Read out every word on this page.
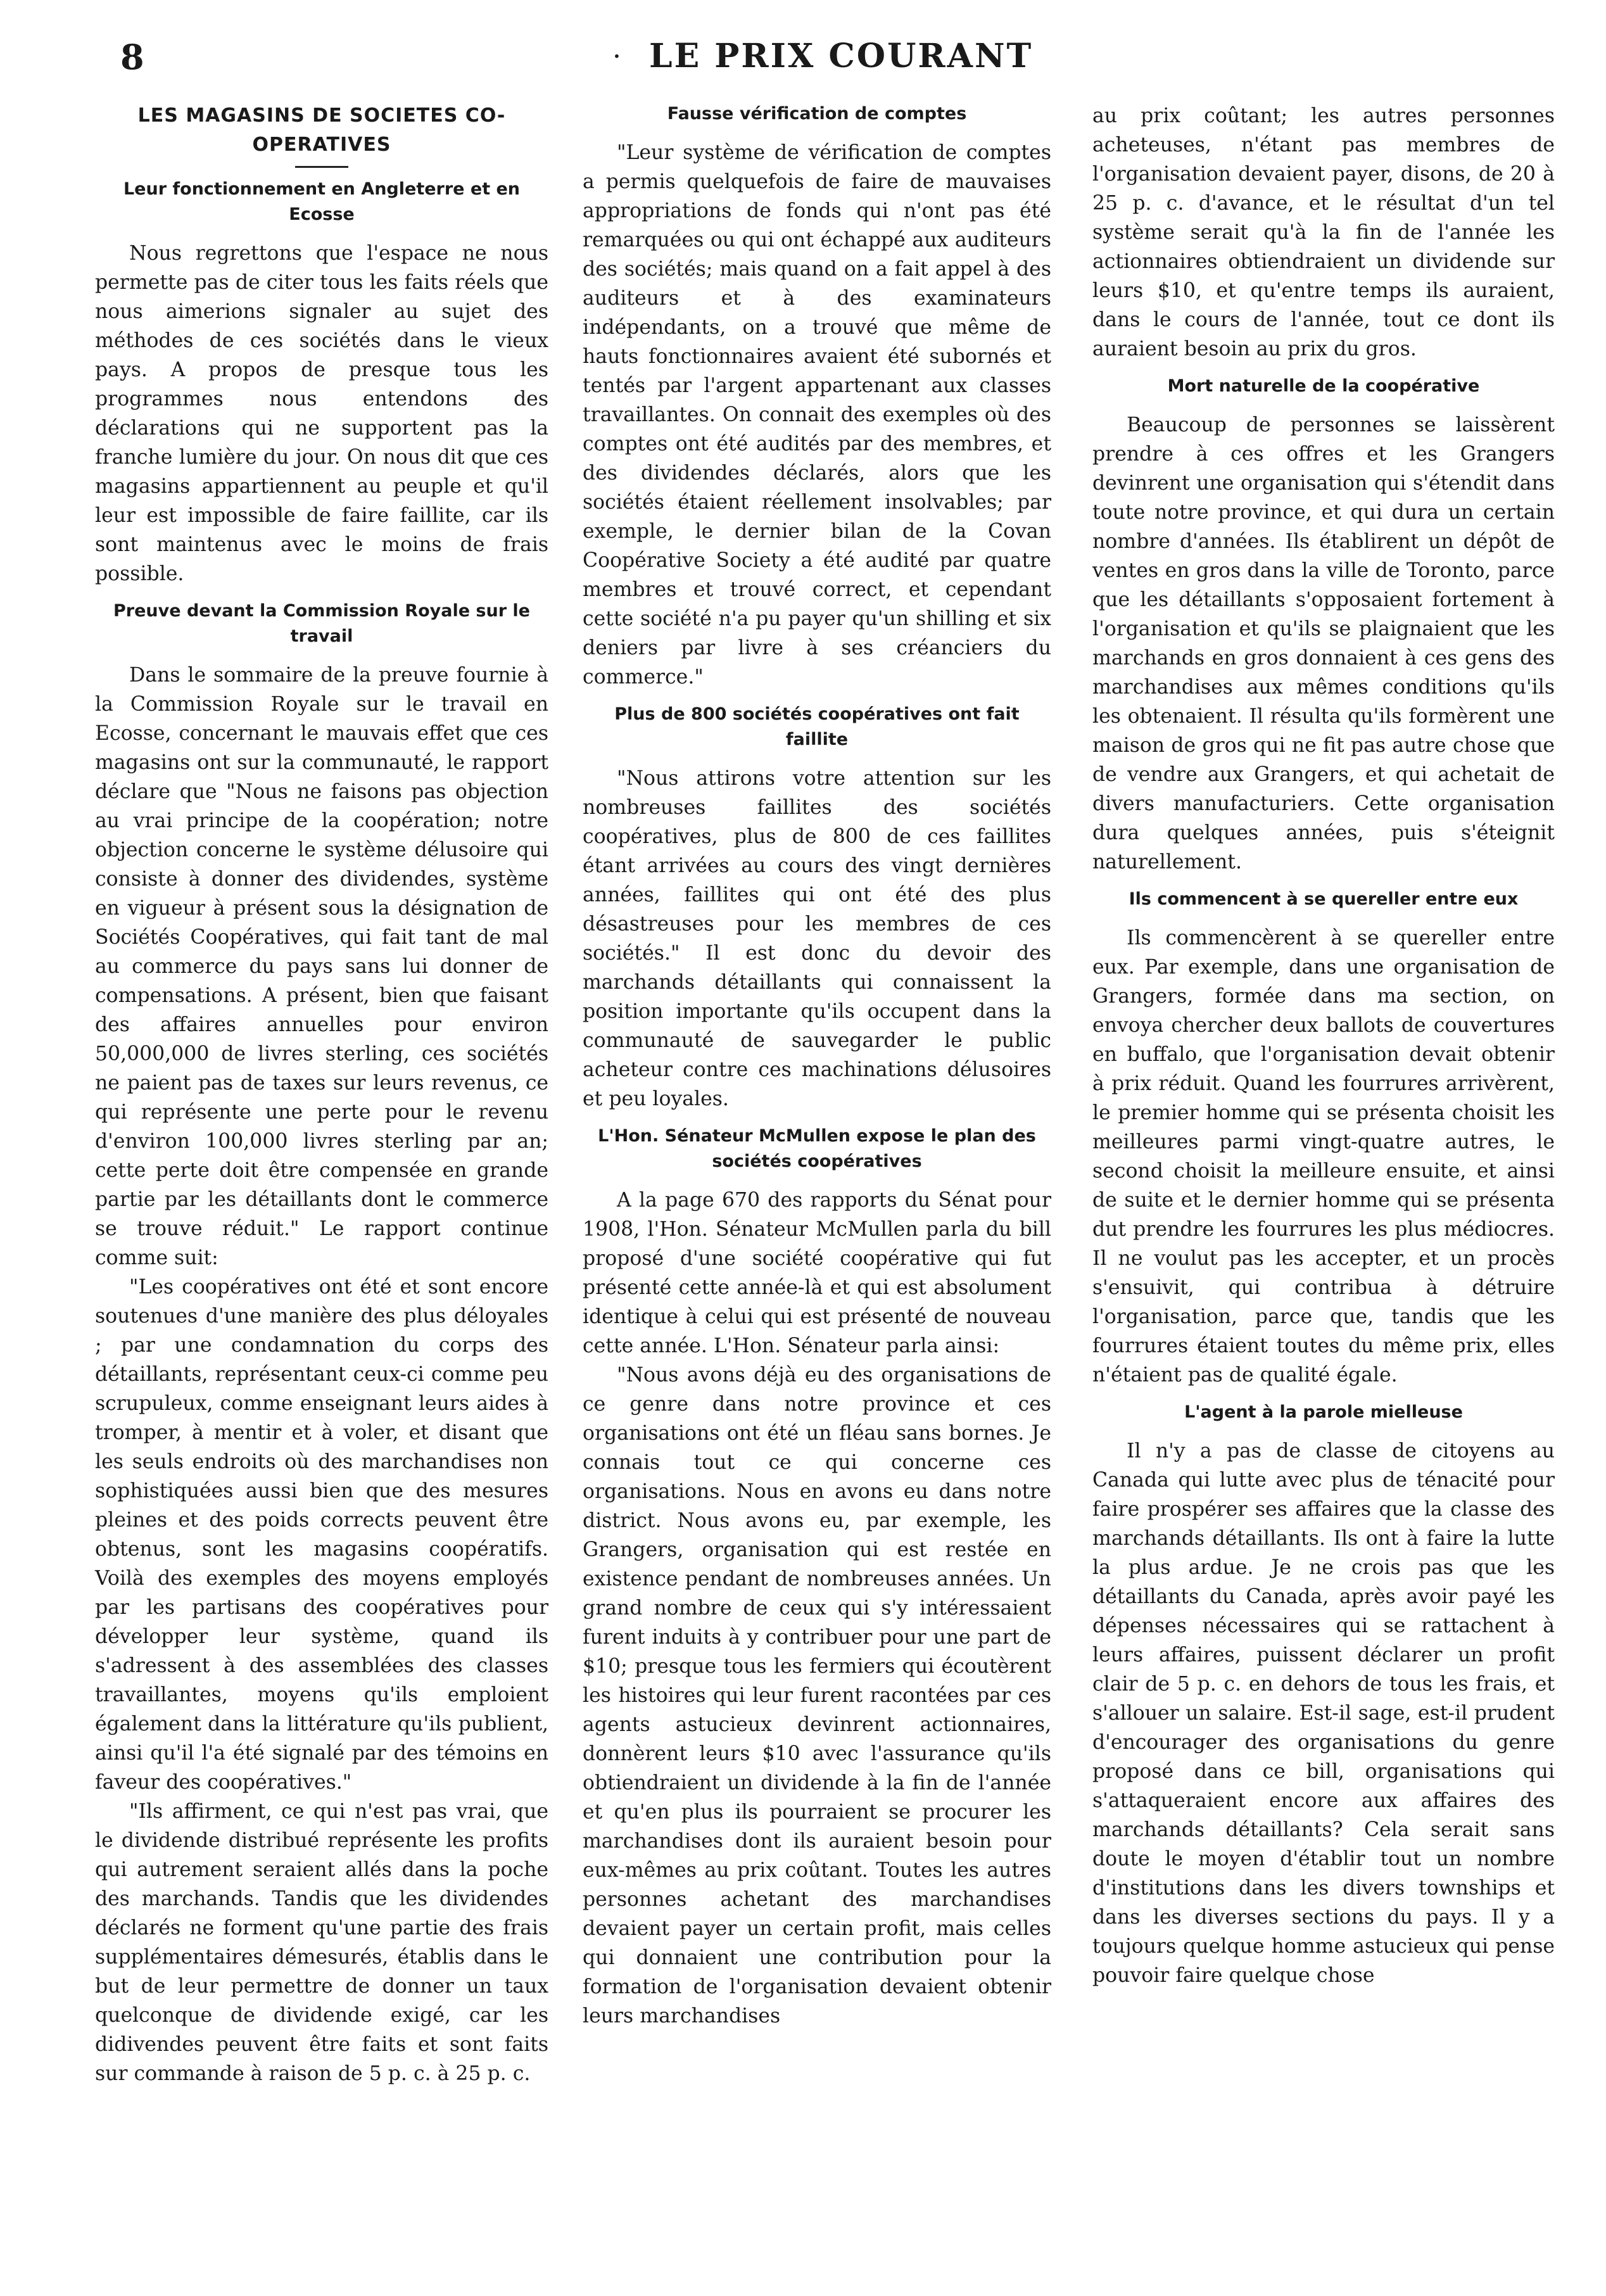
8	· LE PRIX COURANT
LES MAGASINS DE SOCIETES CO-OPERATIVES
Leur fonctionnement en Angleterre et en Ecosse

Nous regrettons que l'espace ne nous permette pas de citer tous les faits réels que nous aimerions signaler au sujet des méthodes de ces sociétés dans le vieux pays. A propos de presque tous les programmes nous entendons des déclarations qui ne supportent pas la franche lumière du jour. On nous dit que ces magasins appartiennent au peuple et qu'il leur est impossible de faire faillite, car ils sont maintenus avec le moins de frais possible.

Preuve devant la Commission Royale sur le travail

Dans le sommaire de la preuve fournie à la Commission Royale sur le travail en Ecosse, concernant le mauvais effet que ces magasins ont sur la communauté, le rapport déclare que "Nous ne faisons pas objection au vrai principe de la coopération; notre objection concerne le système délusoire qui consiste à donner des dividendes, système en vigueur à présent sous la désignation de Sociétés Coopératives, qui fait tant de mal au commerce du pays sans lui donner de compensations. A présent, bien que faisant des affaires annuelles pour environ 50,000,000 de livres sterling, ces sociétés ne paient pas de taxes sur leurs revenus, ce qui représente une perte pour le revenu d'environ 100,000 livres sterling par an; cette perte doit être compensée en grande partie par les détaillants dont le commerce se trouve réduit." Le rapport continue comme suit:

"Les coopératives ont été et sont encore soutenues d'une manière des plus déloyales ; par une condamnation du corps des détaillants, représentant ceux-ci comme peu scrupuleux, comme enseignant leurs aides à tromper, à mentir et à voler, et disant que les seuls endroits où des marchandises non sophistiquées aussi bien que des mesures pleines et des poids corrects peuvent être obtenus, sont les magasins coopératifs. Voilà des exemples des moyens employés par les partisans des coopératives pour développer leur système, quand ils s'adressent à des assemblées des classes travaillantes, moyens qu'ils emploient également dans la littérature qu'ils publient, ainsi qu'il l'a été signalé par des témoins en faveur des coopératives."

"Ils affirment, ce qui n'est pas vrai, que le dividende distribué représente les profits qui autrement seraient allés dans la poche des marchands. Tandis que les dividendes déclarés ne forment qu'une partie des frais supplémentaires démesurés, établis dans le but de leur permettre de donner un taux quelconque de dividende exigé, car les didivendes peuvent être faits et sont faits sur commande à raison de 5 p. c. à 25 p. c.

Fausse vérification de comptes

"Leur système de vérification de comptes a permis quelquefois de faire de mauvaises appropriations de fonds qui n'ont pas été remarquées ou qui ont échappé aux auditeurs des sociétés; mais quand on a fait appel à des auditeurs et à des examinateurs indépendants, on a trouvé que même de hauts fonctionnaires avaient été subornés et tentés par l'argent appartenant aux classes travaillantes. On connait des exemples où des comptes ont été audités par des membres, et des dividendes déclarés, alors que les sociétés étaient réellement insolvables; par exemple, le dernier bilan de la Covan Coopérative Society a été audité par quatre membres et trouvé correct, et cependant cette société n'a pu payer qu'un shilling et six deniers par livre à ses créanciers du commerce."

Plus de 800 sociétés coopératives ont fait faillite

"Nous attirons votre attention sur les nombreuses faillites des sociétés coopératives, plus de 800 de ces faillites étant arrivées au cours des vingt dernières années, faillites qui ont été des plus désastreuses pour les membres de ces sociétés." Il est donc du devoir des marchands détaillants qui connaissent la position importante qu'ils occupent dans la communauté de sauvegarder le public acheteur contre ces machinations délusoires et peu loyales.

L'Hon. Sénateur McMullen expose le plan des sociétés coopératives

A la page 670 des rapports du Sénat pour 1908, l'Hon. Sénateur McMullen parla du bill proposé d'une société coopérative qui fut présenté cette année-là et qui est absolument identique à celui qui est présenté de nouveau cette année. L'Hon. Sénateur parla ainsi:

"Nous avons déjà eu des organisations de ce genre dans notre province et ces organisations ont été un fléau sans bornes. Je connais tout ce qui concerne ces organisations. Nous en avons eu dans notre district. Nous avons eu, par exemple, les Grangers, organisation qui est restée en existence pendant de nombreuses années. Un grand nombre de ceux qui s'y intéressaient furent induits à y contribuer pour une part de $10; presque tous les fermiers qui écoutèrent les histoires qui leur furent racontées par ces agents astucieux devinrent actionnaires, donnèrent leurs $10 avec l'assurance qu'ils obtiendraient un dividende à la fin de l'année et qu'en plus ils pourraient se procurer les marchandises dont ils auraient besoin pour eux-mêmes au prix coûtant. Toutes les autres personnes achetant des marchandises devaient payer un certain profit, mais celles qui donnaient une contribution pour la formation de l'organisation devaient obtenir leurs marchandises

au prix coûtant; les autres personnes acheteuses, n'étant pas membres de l'organisation devaient payer, disons, de 20 à 25 p. c. d'avance, et le résultat d'un tel système serait qu'à la fin de l'année les actionnaires obtiendraient un dividende sur leurs $10, et qu'entre temps ils auraient, dans le cours de l'année, tout ce dont ils auraient besoin au prix du gros.

Mort naturelle de la coopérative

Beaucoup de personnes se laissèrent prendre à ces offres et les Grangers devinrent une organisation qui s'étendit dans toute notre province, et qui dura un certain nombre d'années. Ils établirent un dépôt de ventes en gros dans la ville de Toronto, parce que les détaillants s'opposaient fortement à l'organisation et qu'ils se plaignaient que les marchands en gros donnaient à ces gens des marchandises aux mêmes conditions qu'ils les obtenaient. Il résulta qu'ils formèrent une maison de gros qui ne fit pas autre chose que de vendre aux Grangers, et qui achetait de divers manufacturiers. Cette organisation dura quelques années, puis s'éteignit naturellement.

Ils commencent à se quereller entre eux

Ils commencèrent à se quereller entre eux. Par exemple, dans une organisation de Grangers, formée dans ma section, on envoya chercher deux ballots de couvertures en buffalo, que l'organisation devait obtenir à prix réduit. Quand les fourrures arrivèrent, le premier homme qui se présenta choisit les meilleures parmi vingt-quatre autres, le second choisit la meilleure ensuite, et ainsi de suite et le dernier homme qui se présenta dut prendre les fourrures les plus médiocres. Il ne voulut pas les accepter, et un procès s'ensuivit, qui contribua à détruire l'organisation, parce que, tandis que les fourrures étaient toutes du même prix, elles n'étaient pas de qualité égale.

L'agent à la parole mielleuse

Il n'y a pas de classe de citoyens au Canada qui lutte avec plus de ténacité pour faire prospérer ses affaires que la classe des marchands détaillants. Ils ont à faire la lutte la plus ardue. Je ne crois pas que les détaillants du Canada, après avoir payé les dépenses nécessaires qui se rattachent à leurs affaires, puissent déclarer un profit clair de 5 p. c. en dehors de tous les frais, et s'allouer un salaire. Est-il sage, est-il prudent d'encourager des organisations du genre proposé dans ce bill, organisations qui s'attaqueraient encore aux affaires des marchands détaillants? Cela serait sans doute le moyen d'établir tout un nombre d'institutions dans les divers townships et dans les diverses sections du pays. Il y a toujours quelque homme astucieux qui pense pouvoir faire quelque chose
